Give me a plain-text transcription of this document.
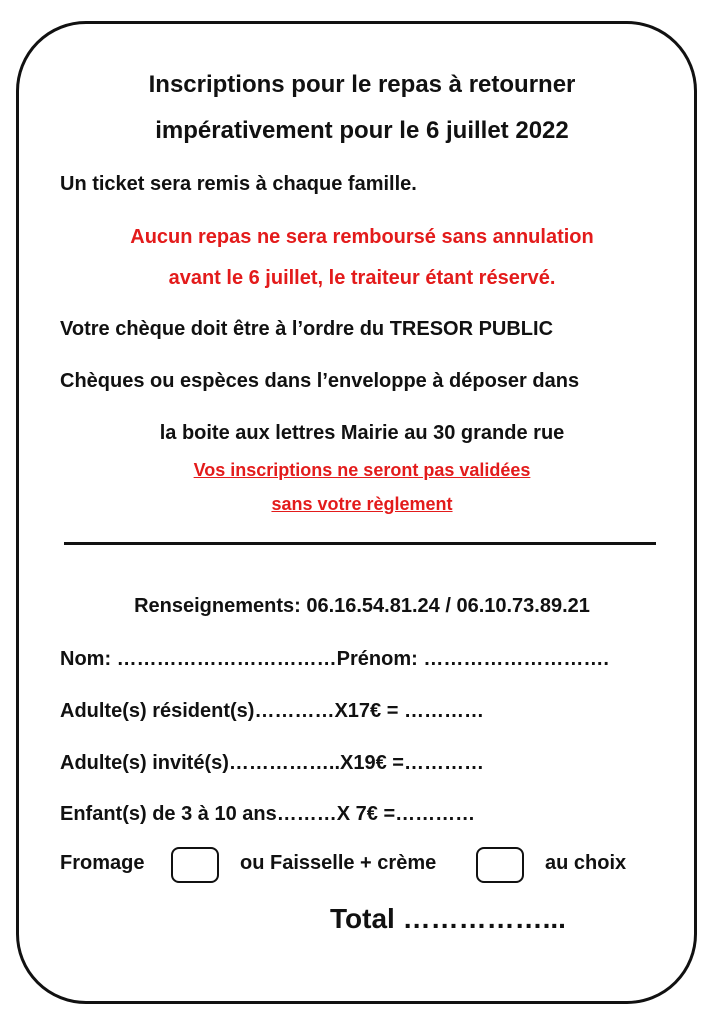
Inscriptions pour le repas à retourner
impérativement pour le 6 juillet 2022
Un ticket sera remis à chaque famille.
Aucun repas ne sera remboursé sans annulation
avant le 6 juillet, le traiteur étant réservé.
Votre chèque doit être à l’ordre du TRESOR PUBLIC
Chèques ou espèces dans l’enveloppe à déposer dans
la boite aux lettres Mairie au 30 grande rue
Vos inscriptions ne seront pas validées
sans votre règlement
Renseignements: 06.16.54.81.24 / 06.10.73.89.21
Nom: ……………………………Prénom: ……………………….
Adulte(s) résident(s)…………X17€ = …………
Adulte(s) invité(s)……………..X19€ =…………
Enfant(s) de 3 à 10 ans………X 7€ =…………
Fromage	ou Faisselle + crème	au choix
Total ……………...
